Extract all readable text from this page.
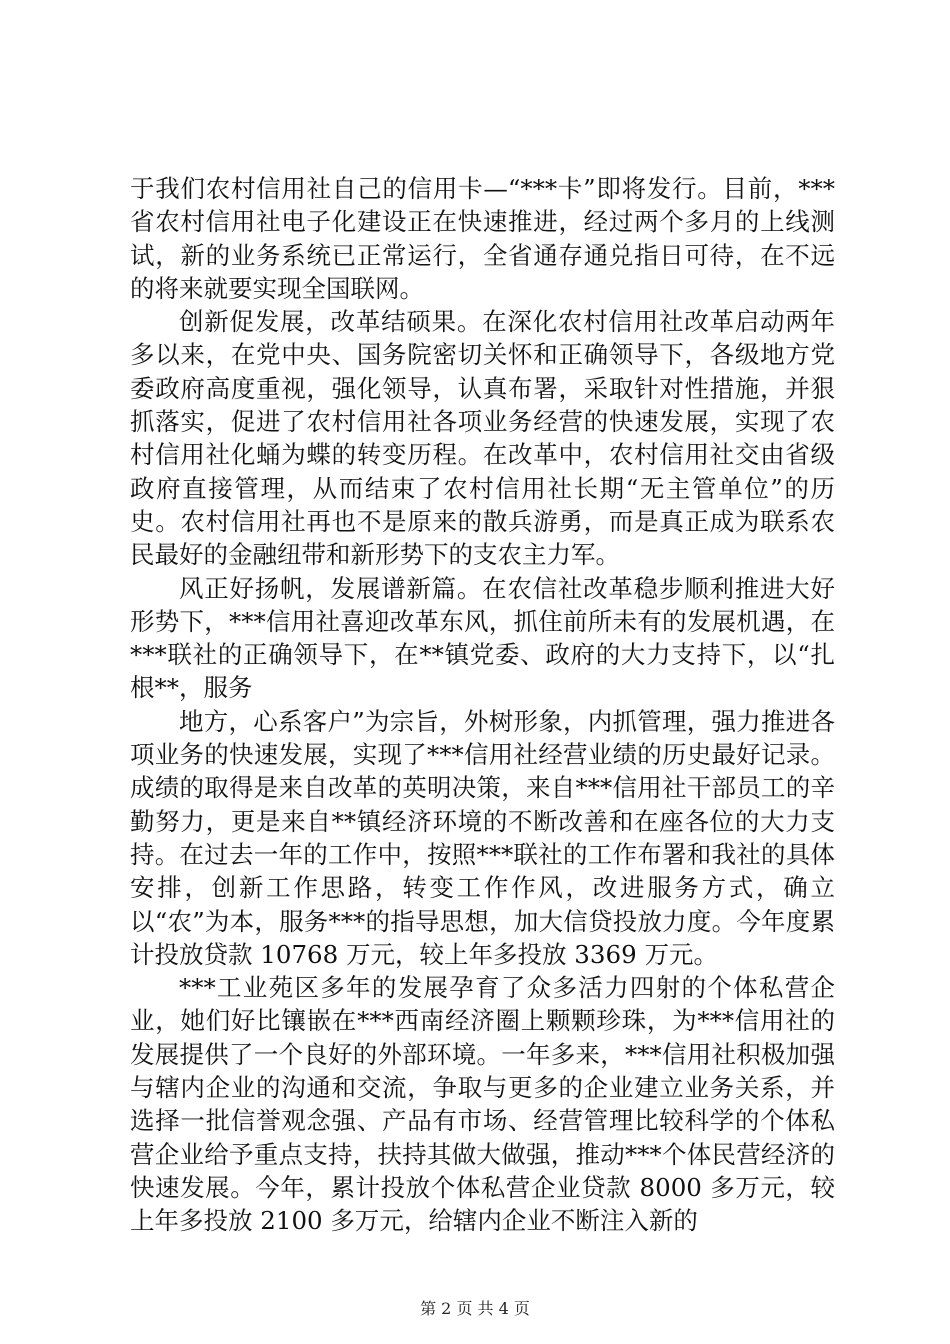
于我们农村信用社自己的信用卡—“***卡”即将发行。目前，***省农村信用社电子化建设正在快速推进，经过两个多月的上线测试，新的业务系统已正常运行，全省通存通兑指日可待，在不远的将来就要实现全国联网。

创新促发展，改革结硕果。在深化农村信用社改革启动两年多以来，在党中央、国务院密切关怀和正确领导下，各级地方党委政府高度重视，强化领导，认真布署，采取针对性措施，并狠抓落实，促进了农村信用社各项业务经营的快速发展，实现了农村信用社化蛹为蝶的转变历程。在改革中，农村信用社交由省级政府直接管理，从而结束了农村信用社长期“无主管单位”的历史。农村信用社再也不是原来的散兵游勇，而是真正成为联系农民最好的金融纽带和新形势下的支农主力军。

风正好扬帆，发展谱新篇。在农信社改革稳步顺利推进大好形势下，***信用社喜迎改革东风，抓住前所未有的发展机遇，在***联社的正确领导下，在**镇党委、政府的大力支持下，以“扎根**，服务

地方，心系客户”为宗旨，外树形象，内抓管理，强力推进各项业务的快速发展，实现了***信用社经营业绩的历史最好记录。成绩的取得是来自改革的英明决策，来自***信用社干部员工的辛勤努力，更是来自**镇经济环境的不断改善和在座各位的大力支持。在过去一年的工作中，按照***联社的工作布署和我社的具体安排，创新工作思路，转变工作作风，改进服务方式，确立以“农”为本，服务***的指导思想，加大信贷投放力度。今年度累计投放贷款 10768 万元，较上年多投放 3369 万元。

***工业苑区多年的发展孕育了众多活力四射的个体私营企业，她们好比镶嵌在***西南经济圈上颗颗珍珠，为***信用社的发展提供了一个良好的外部环境。一年多来，***信用社积极加强与辖内企业的沟通和交流，争取与更多的企业建立业务关系，并选择一批信誉观念强、产品有市场、经营管理比较科学的个体私营企业给予重点支持，扶持其做大做强，推动***个体民营经济的快速发展。今年，累计投放个体私营企业贷款 8000 多万元，较上年多投放 2100 多万元，给辖内企业不断注入新的

第 2 页 共 4 页
